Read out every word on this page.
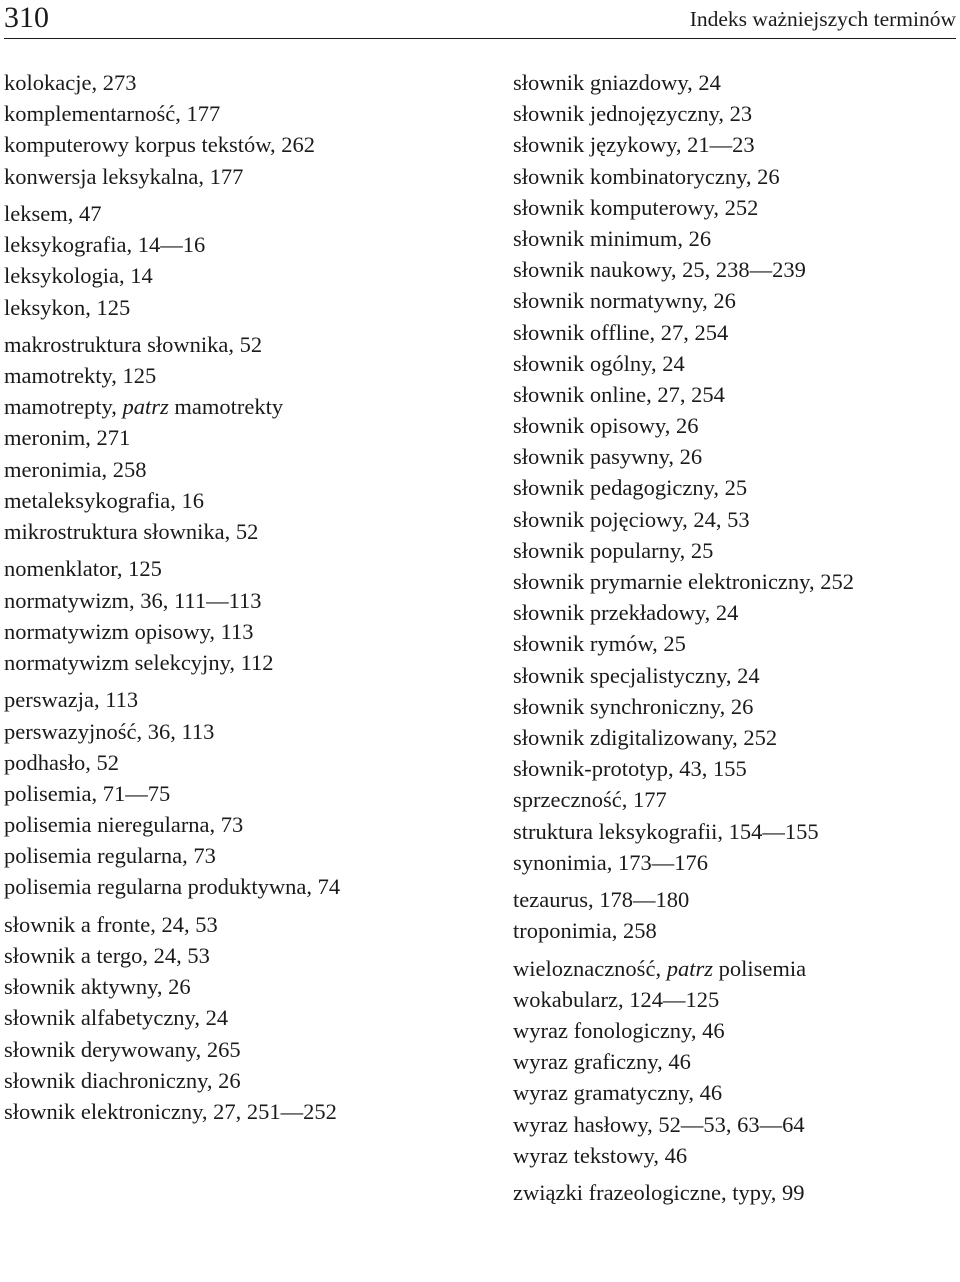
310	Indeks ważniejszych terminów
kolokacje, 273
komplementarność, 177
komputerowy korpus tekstów, 262
konwersja leksykalna, 177
leksem, 47
leksykografia, 14—16
leksykologia, 14
leksykon, 125
makrostruktura słownika, 52
mamotrekty, 125
mamotrepty, patrz mamotrekty
meronim, 271
meronimia, 258
metaleksykografia, 16
mikrostruktura słownika, 52
nomenklator, 125
normatywizm, 36, 111—113
normatywizm opisowy, 113
normatywizm selekcyjny, 112
perswazja, 113
perswazyjność, 36, 113
podhasło, 52
polisemia, 71—75
polisemia nieregularna, 73
polisemia regularna, 73
polisemia regularna produktywna, 74
słownik a fronte, 24, 53
słownik a tergo, 24, 53
słownik aktywny, 26
słownik alfabetyczny, 24
słownik derywowany, 265
słownik diachroniczny, 26
słownik elektroniczny, 27, 251—252
słownik gniazdowy, 24
słownik jednojęzyczny, 23
słownik językowy, 21—23
słownik kombinatoryczny, 26
słownik komputerowy, 252
słownik minimum, 26
słownik naukowy, 25, 238—239
słownik normatywny, 26
słownik offline, 27, 254
słownik ogólny, 24
słownik online, 27, 254
słownik opisowy, 26
słownik pasywny, 26
słownik pedagogiczny, 25
słownik pojęciowy, 24, 53
słownik popularny, 25
słownik prymarnie elektroniczny, 252
słownik przekładowy, 24
słownik rymów, 25
słownik specjalistyczny, 24
słownik synchroniczny, 26
słownik zdigitalizowany, 252
słownik-prototyp, 43, 155
sprzeczność, 177
struktura leksykografii, 154—155
synonimia, 173—176
tezaurus, 178—180
troponimia, 258
wieloznaczność, patrz polisemia
wokabularz, 124—125
wyraz fonologiczny, 46
wyraz graficzny, 46
wyraz gramatyczny, 46
wyraz hasłowy, 52—53, 63—64
wyraz tekstowy, 46
związki frazeologiczne, typy, 99
